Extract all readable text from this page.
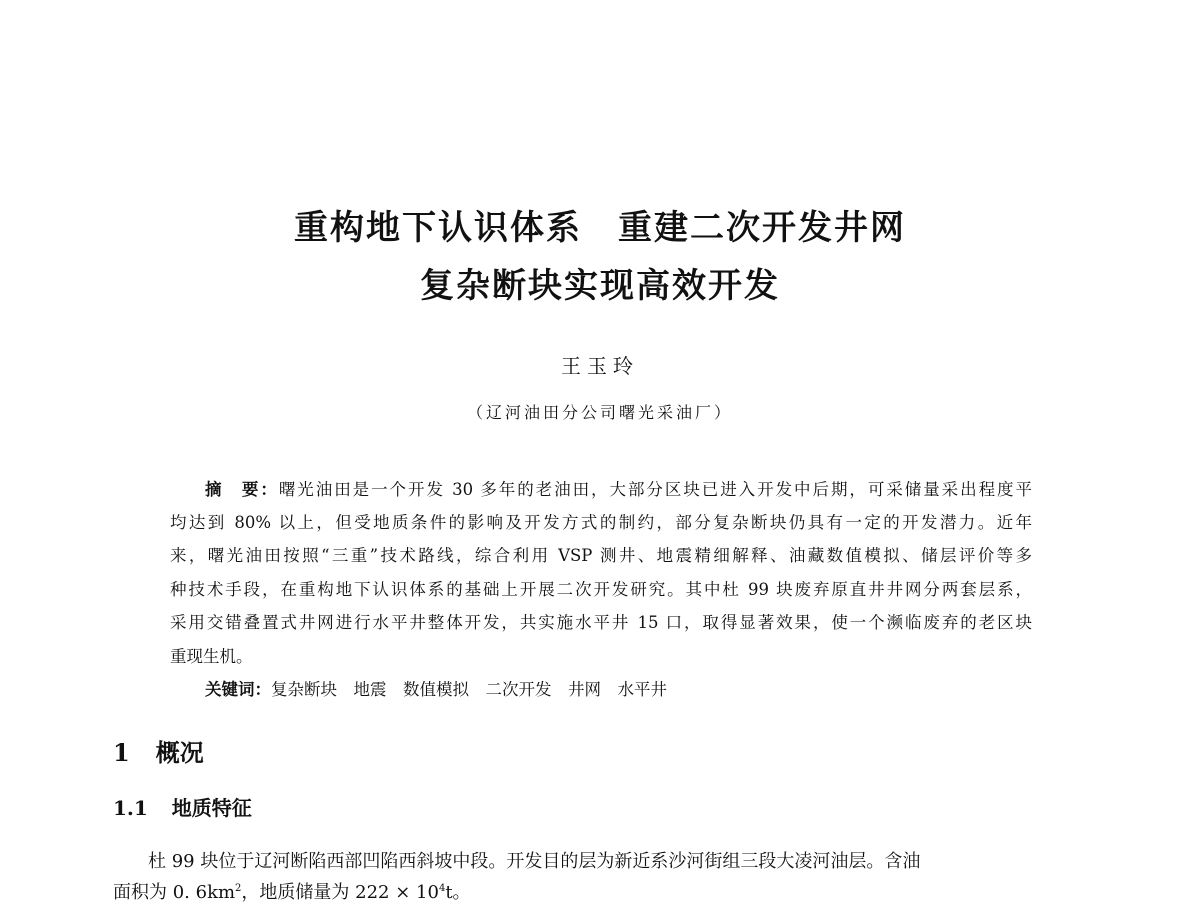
重构地下认识体系　重建二次开发井网
复杂断块实现高效开发
王玉玲
（辽河油田分公司曙光采油厂）
摘　要：曙光油田是一个开发 30 多年的老油田，大部分区块已进入开发中后期，可采储量采出程度平
均达到 80% 以上，但受地质条件的影响及开发方式的制约，部分复杂断块仍具有一定的开发潜力。近年
来，曙光油田按照“三重”技术路线，综合利用 VSP 测井、地震精细解释、油藏数值模拟、储层评价等多
种技术手段，在重构地下认识体系的基础上开展二次开发研究。其中杜 99 块废弃原直井井网分两套层系，
采用交错叠置式井网进行水平井整体开发，共实施水平井 15 口，取得显著效果，使一个濒临废弃的老区块
重现生机。
关键词：复杂断块　地震　数值模拟　二次开发　井网　水平井
1 概况
1.1 地质特征
杜 99 块位于辽河断陷西部凹陷西斜坡中段。开发目的层为新近系沙河街组三段大凌河油层。含油
面积为 0. $6km^2$，地质储量为 $222 \times 10^4t$。
